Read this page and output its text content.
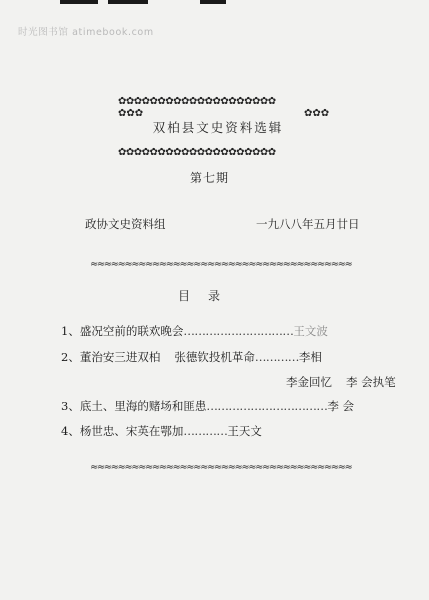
时光图书馆 atimebook.com
✿✿✿✿✿✿✿✿✿✿✿✿✿✿✿✿✿✿✿✿
✿✿✿
双柏县文史资料选辑
✿✿✿
✿✿✿✿✿✿✿✿✿✿✿✿✿✿✿✿✿✿✿✿
第七期
政协文史资料组	一九八八年五月廿日
≈≈≈≈≈≈≈≈≈≈≈≈≈≈≈≈≈≈≈≈≈≈≈≈≈≈≈≈≈≈≈≈≈≈≈≈≈≈
目录
1、盛况空前的联欢晚会…………………………王文波
2、董治安三进双柏 张德钦投机革命…………李相
李金回忆 李 会执笔
3、底土、里海的赌场和匪患……………………………李 会
4、杨世忠、宋英在鄂加…………王天文
≈≈≈≈≈≈≈≈≈≈≈≈≈≈≈≈≈≈≈≈≈≈≈≈≈≈≈≈≈≈≈≈≈≈≈≈≈≈
